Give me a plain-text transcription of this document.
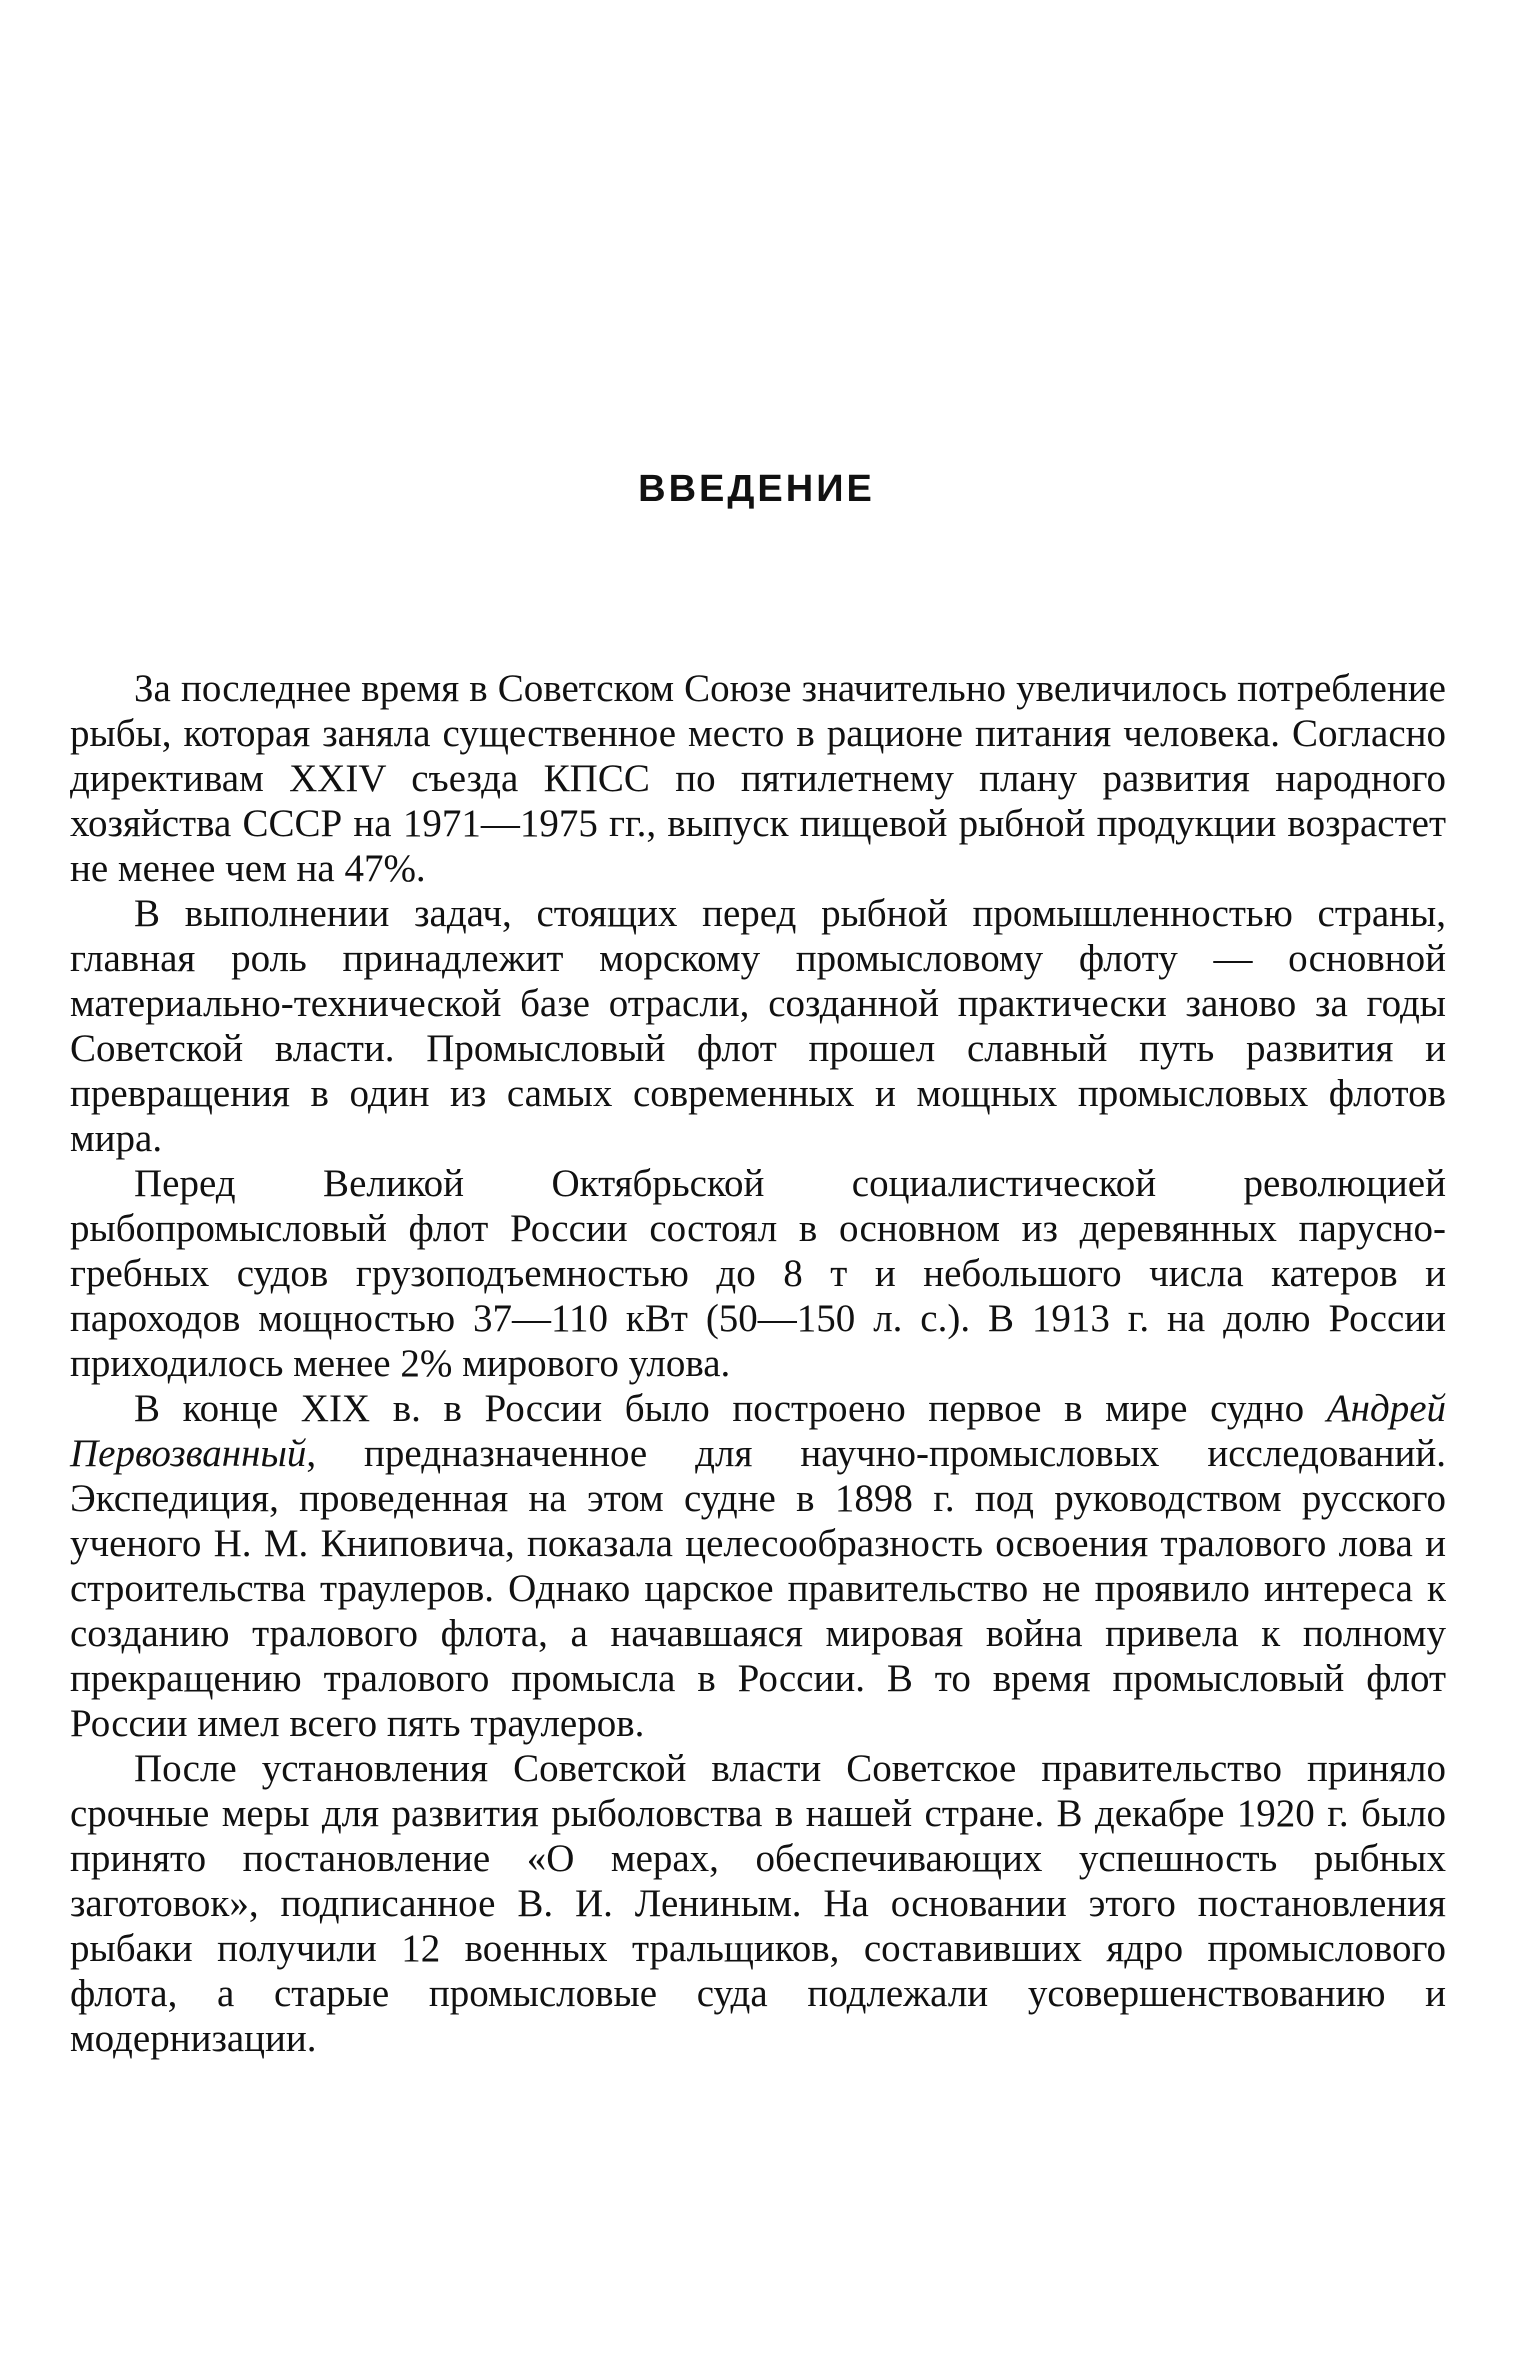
ВВЕДЕНИЕ

За последнее время в Советском Союзе значительно увеличилось потребление рыбы, которая заняла существенное место в рационе питания человека. Согласно директивам XXIV съезда КПСС по пятилетнему плану развития народного хозяйства СССР на 1971—1975 гг., выпуск пищевой рыбной продукции возрастет не менее чем на 47%.

В выполнении задач, стоящих перед рыбной промышленностью страны, главная роль принадлежит морскому промысловому флоту — основной материально-технической базе отрасли, созданной практически заново за годы Советской власти. Промысловый флот прошел славный путь развития и превращения в один из самых современных и мощных промысловых флотов мира.

Перед Великой Октябрьской социалистической революцией рыбопромысловый флот России состоял в основном из деревянных парусно-гребных судов грузоподъемностью до 8 т и небольшого числа катеров и пароходов мощностью 37—110 кВт (50—150 л. с.). В 1913 г. на долю России приходилось менее 2% мирового улова.

В конце XIX в. в России было построено первое в мире судно Андрей Первозванный, предназначенное для научно-промысловых исследований. Экспедиция, проведенная на этом судне в 1898 г. под руководством русского ученого Н. М. Книповича, показала целесообразность освоения тралового лова и строительства траулеров. Однако царское правительство не проявило интереса к созданию тралового флота, а начавшаяся мировая война привела к полному прекращению тралового промысла в России. В то время промысловый флот России имел всего пять траулеров.

После установления Советской власти Советское правительство приняло срочные меры для развития рыболовства в нашей стране. В декабре 1920 г. было принято постановление «О мерах, обеспечивающих успешность рыбных заготовок», подписанное В. И. Лениным. На основании этого постановления рыбаки получили 12 военных тральщиков, составивших ядро промыслового флота, а старые промысловые суда подлежали усовершенствованию и модернизации.
